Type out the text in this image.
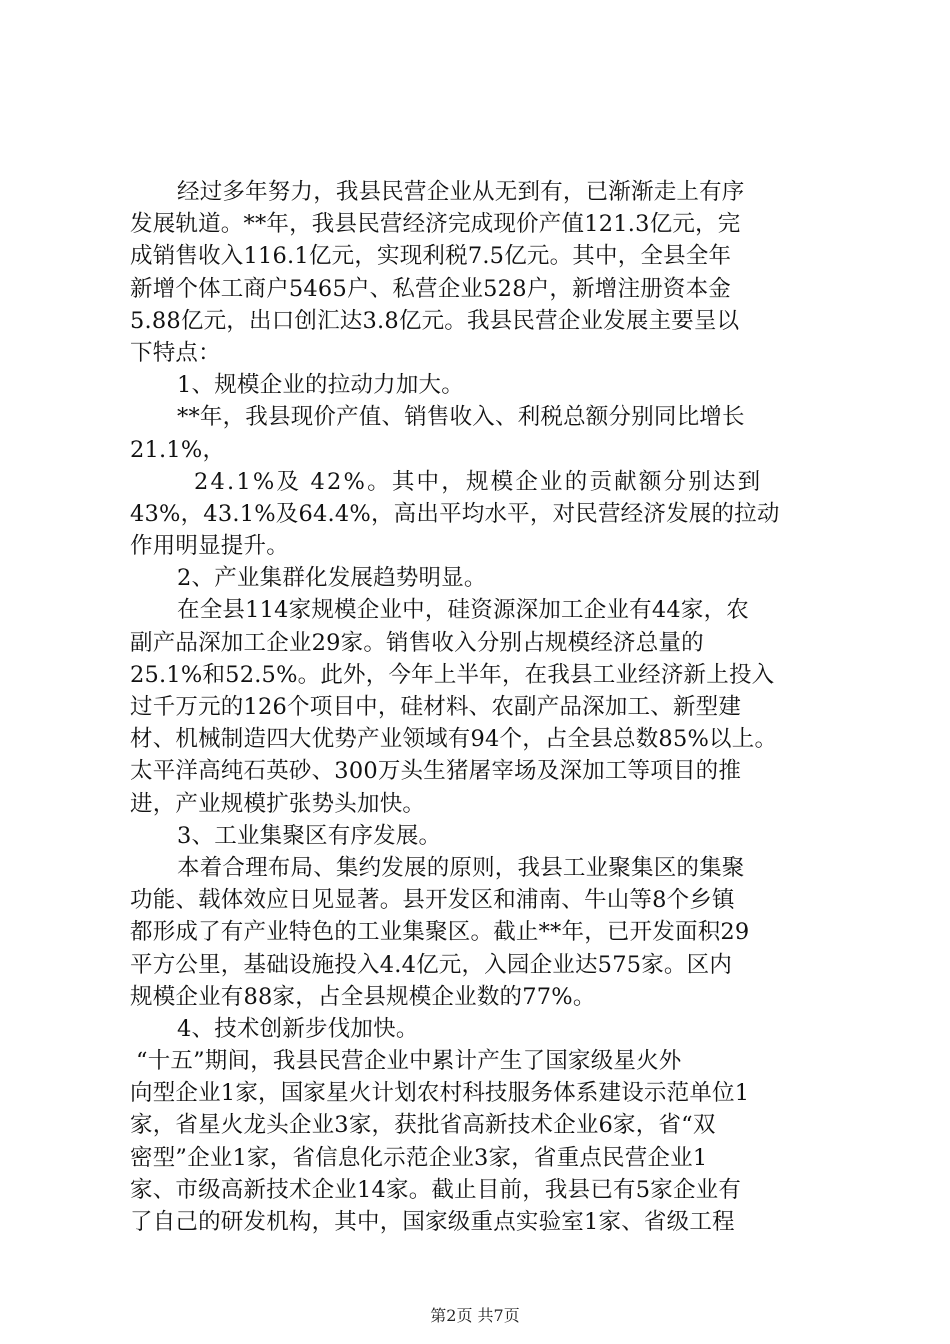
经过多年努力，我县民营企业从无到有，已渐渐走上有序
发展轨道。**年，我县民营经济完成现价产值121.3亿元，完
成销售收入116.1亿元，实现利税7.5亿元。其中，全县全年
新增个体工商户5465户、私营企业528户，新增注册资本金
5.88亿元，出口创汇达3.8亿元。我县民营企业发展主要呈以
下特点：
1、规模企业的拉动力加大。
**年，我县现价产值、销售收入、利税总额分别同比增长
21.1%，
24.1%及 42%。其中，规模企业的贡献额分别达到
43%，43.1%及64.4%，高出平均水平，对民营经济发展的拉动
作用明显提升。
2、产业集群化发展趋势明显。
在全县114家规模企业中，硅资源深加工企业有44家，农
副产品深加工企业29家。销售收入分别占规模经济总量的
25.1%和52.5%。此外，今年上半年，在我县工业经济新上投入
过千万元的126个项目中，硅材料、农副产品深加工、新型建
材、机械制造四大优势产业领域有94个，占全县总数85%以上。
太平洋高纯石英砂、300万头生猪屠宰场及深加工等项目的推
进，产业规模扩张势头加快。
3、工业集聚区有序发展。
本着合理布局、集约发展的原则，我县工业聚集区的集聚
功能、载体效应日见显著。县开发区和浦南、牛山等8个乡镇
都形成了有产业特色的工业集聚区。截止**年，已开发面积29
平方公里，基础设施投入4.4亿元，入园企业达575家。区内
规模企业有88家，占全县规模企业数的77%。
4、技术创新步伐加快。
“十五”期间，我县民营企业中累计产生了国家级星火外
向型企业1家，国家星火计划农村科技服务体系建设示范单位1
家，省星火龙头企业3家，获批省高新技术企业6家，省“双
密型”企业1家，省信息化示范企业3家，省重点民营企业1
家、市级高新技术企业14家。截止目前，我县已有5家企业有
了自己的研发机构，其中，国家级重点实验室1家、省级工程
第2页 共7页
